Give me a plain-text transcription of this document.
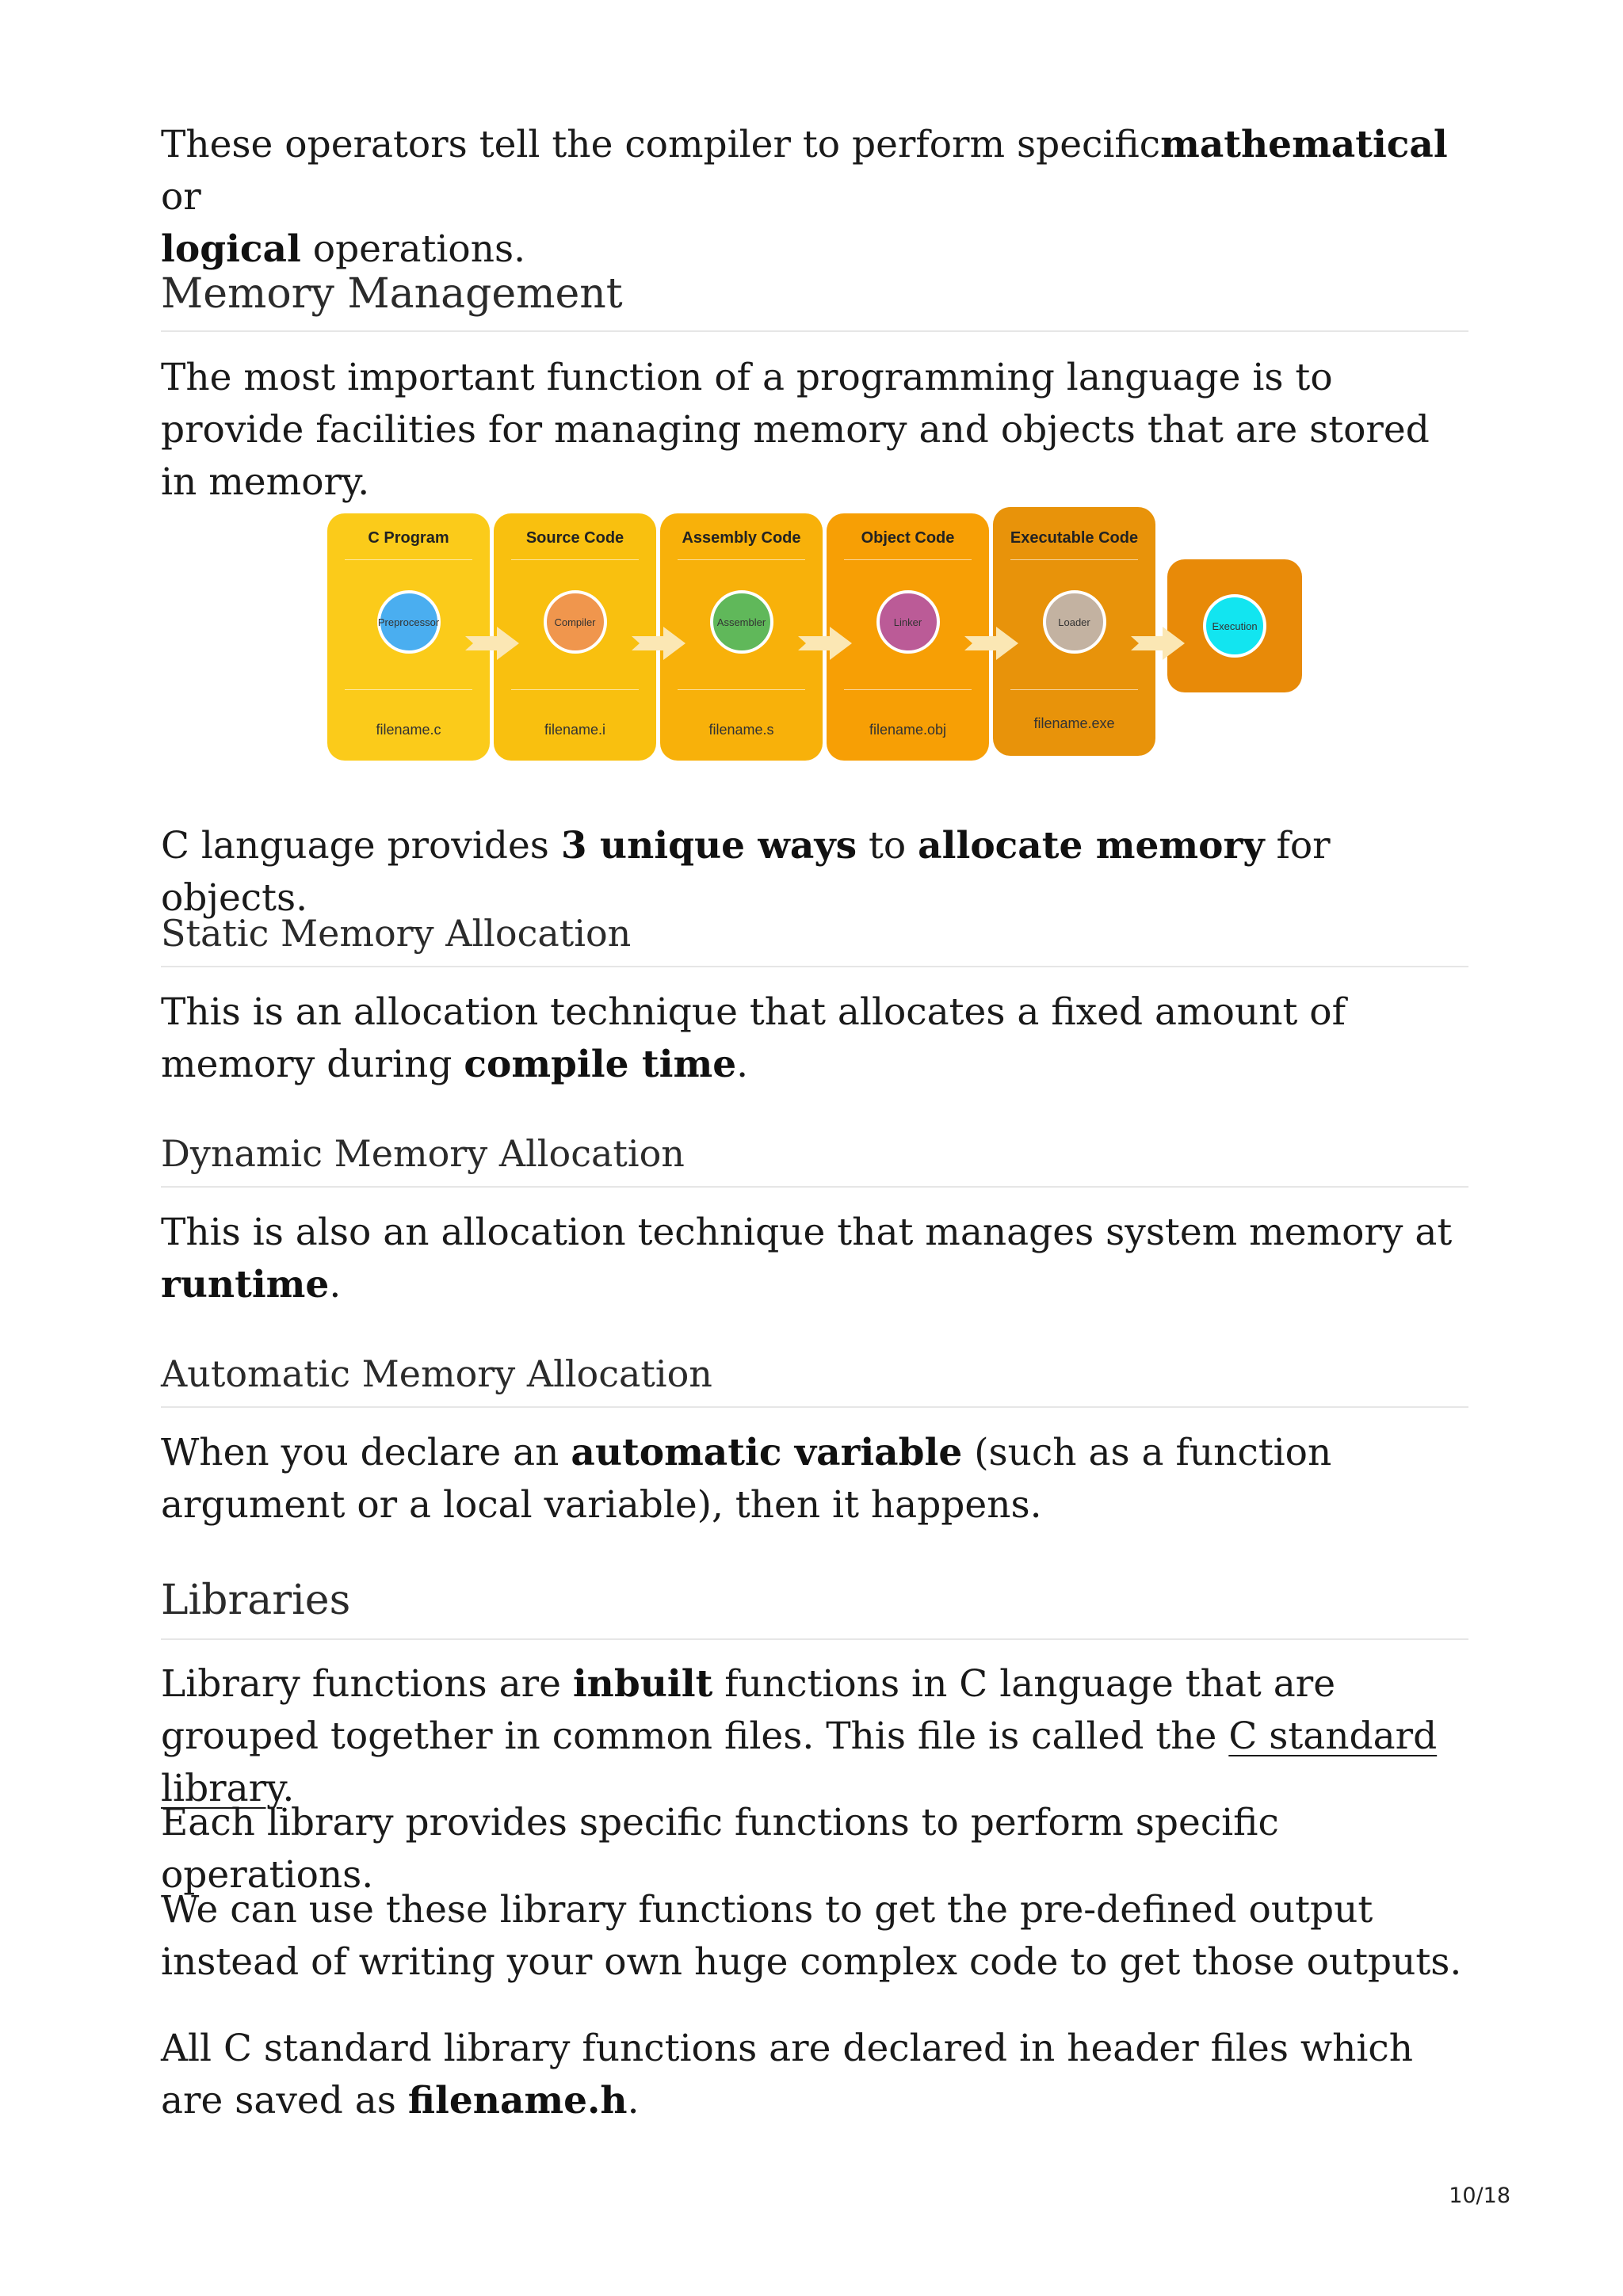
These operators tell the compiler to perform specificmathematical or
logical operations.

Memory Management

The most important function of a programming language is to provide facilities for managing memory and objects that are stored in memory.

C language provides 3 unique ways to allocate memory for objects.

Static Memory Allocation

This is an allocation technique that allocates a fixed amount of memory during compile time.

Dynamic Memory Allocation

This is also an allocation technique that manages system memory at runtime.

Automatic Memory Allocation

When you declare an automatic variable (such as a function argument or a local variable), then it happens.

Libraries

Library functions are inbuilt functions in C language that are grouped together in common files. This file is called the C standard library.

Each library provides specific functions to perform specific operations.

We can use these library functions to get the pre-defined output instead of writing your own huge complex code to get those outputs.

All C standard library functions are declared in header files which are saved as filename.h.

C Program
Preprocessor
filename.c
Source Code
Compiler
filename.i
Assembly Code
Assembler
filename.s
Object Code
Linker
filename.obj
Executable Code
Loader
filename.exe
Execution
10/18
